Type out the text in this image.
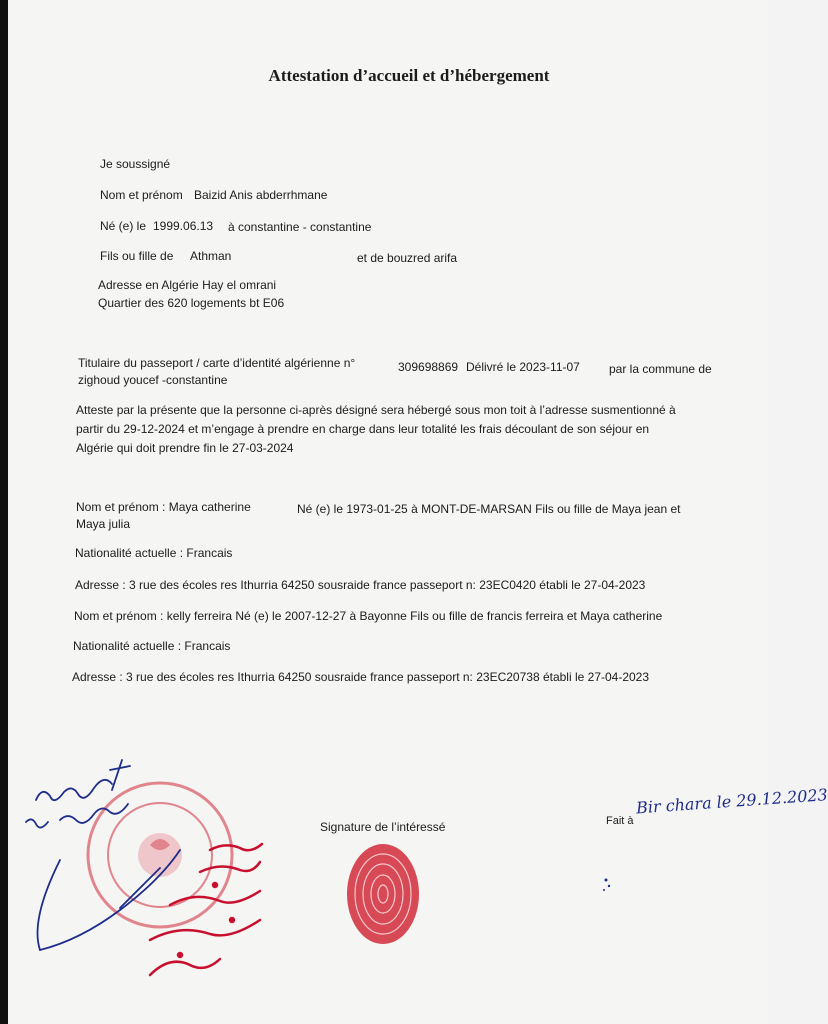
Attestation d’accueil et d’hébergement
Je soussigné
Nom et prénom Baizid Anis abderrhmane
Né (e) le 1999.06.13 à constantine - constantine
Fils ou fille de Athman	et de bouzred arifa
Adresse en Algérie Hay el omrani
Quartier des 620 logements bt E06
Titulaire du passeport / carte d’identité algérienne n°	309698869 Délivré le 2023-11-07 par la commune de
zighoud youcef -constantine
Atteste par la présente que la personne ci-après désigné sera hébergé sous mon toit à l’adresse susmentionné à
partir du 29-12-2024 et m’engage à prendre en charge dans leur totalité les frais découlant de son séjour en
Algérie qui doit prendre fin le 27-03-2024
Nom et prénom : Maya catherine	Né (e) le 1973-01-25 à MONT-DE-MARSAN Fils ou fille de Maya jean et
Maya julia
Nationalité actuelle : Francais
Adresse : 3 rue des écoles res Ithurria 64250 sousraide france passeport n: 23EC0420 établi le 27-04-2023
Nom et prénom : kelly ferreira Né (e) le 2007-12-27 à Bayonne Fils ou fille de francis ferreira et Maya catherine
Nationalité actuelle : Francais
Adresse : 3 rue des écoles res Ithurria 64250 sousraide france passeport n: 23EC20738 établi le 27-04-2023
Signature de l’intéressé	Fait à
Bir chara le 29.12.2023
